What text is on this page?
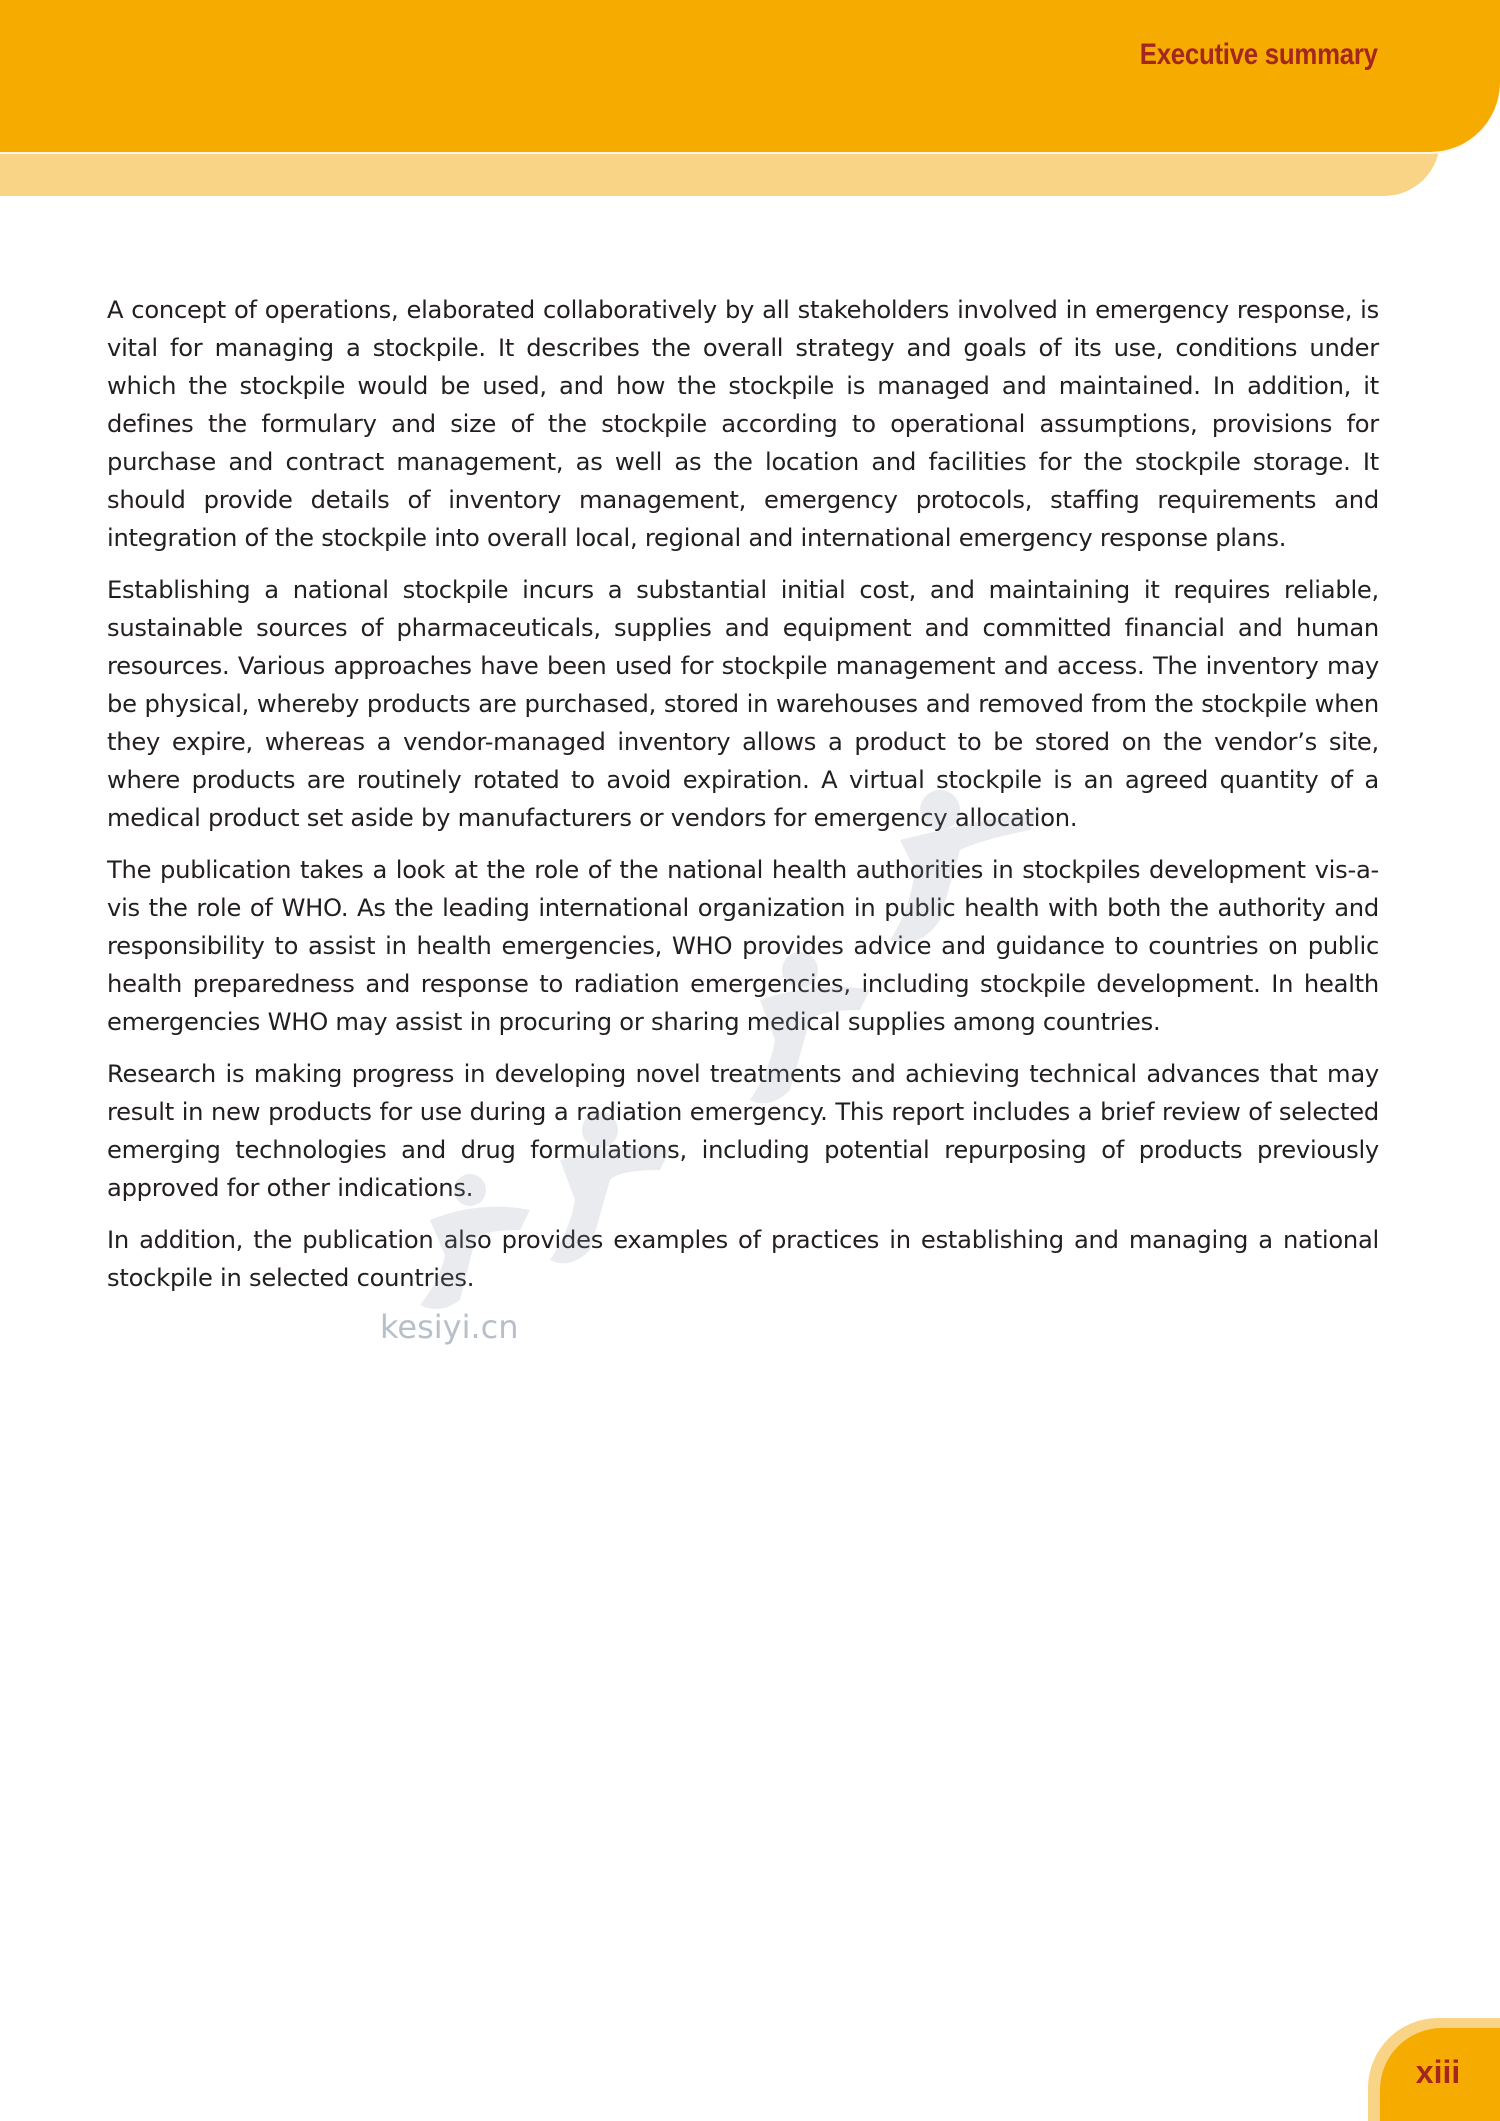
Executive summary

A concept of operations, elaborated collaboratively by all stakeholders involved in emergency response, is vital for managing a stockpile. It describes the overall strategy and goals of its use, conditions under which the stockpile would be used, and how the stockpile is managed and maintained. In addition, it defines the formulary and size of the stockpile according to operational assumptions, provisions for purchase and contract management, as well as the location and facilities for the stockpile storage. It should provide details of inventory management, emergency protocols, staffing requirements and integration of the stockpile into overall local, regional and international emergency response plans.

Establishing a national stockpile incurs a substantial initial cost, and maintaining it requires reliable, sustainable sources of pharmaceuticals, supplies and equipment and committed financial and human resources. Various approaches have been used for stockpile management and access. The inventory may be physical, whereby products are purchased, stored in warehouses and removed from the stockpile when they expire, whereas a vendor-managed inventory allows a product to be stored on the vendor’s site, where products are routinely rotated to avoid expiration. A virtual stockpile is an agreed quantity of a medical product set aside by manufacturers or vendors for emergency allocation.

The publication takes a look at the role of the national health authorities in stockpiles development vis-a-vis the role of WHO. As the leading international organization in public health with both the authority and responsibility to assist in health emergencies, WHO provides advice and guidance to countries on public health preparedness and response to radiation emergencies, including stockpile development. In health emergencies WHO may assist in procuring or sharing medical supplies among countries.

Research is making progress in developing novel treatments and achieving technical advances that may result in new products for use during a radiation emergency. This report includes a brief review of selected emerging technologies and drug formulations, including potential repurposing of products previously approved for other indications.

In addition, the publication also provides examples of practices in establishing and managing a national stockpile in selected countries.

kesiyi.cn
xiii
